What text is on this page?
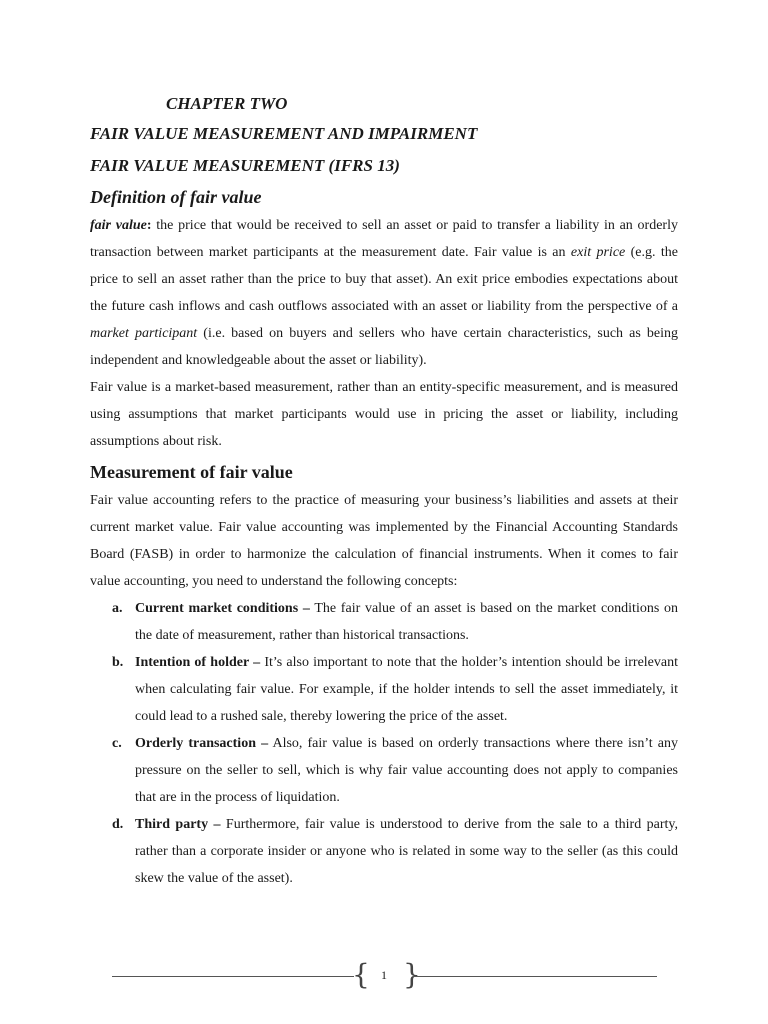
CHAPTER TWO
FAIR VALUE MEASUREMENT AND IMPAIRMENT
FAIR VALUE MEASUREMENT (IFRS 13)
Definition of fair value

fair value: the price that would be received to sell an asset or paid to transfer a liability in an orderly transaction between market participants at the measurement date. Fair value is an exit price (e.g. the price to sell an asset rather than the price to buy that asset). An exit price embodies expectations about the future cash inflows and cash outflows associated with an asset or liability from the perspective of a market participant (i.e. based on buyers and sellers who have certain characteristics, such as being independent and knowledgeable about the asset or liability).

Fair value is a market-based measurement, rather than an entity-specific measurement, and is measured using assumptions that market participants would use in pricing the asset or liability, including assumptions about risk.

Measurement of fair value

Fair value accounting refers to the practice of measuring your business’s liabilities and assets at their current market value. Fair value accounting was implemented by the Financial Accounting Standards Board (FASB) in order to harmonize the calculation of financial instruments. When it comes to fair value accounting, you need to understand the following concepts:

a. Current market conditions – The fair value of an asset is based on the market conditions on the date of measurement, rather than historical transactions.
b. Intention of holder – It’s also important to note that the holder’s intention should be irrelevant when calculating fair value. For example, if the holder intends to sell the asset immediately, it could lead to a rushed sale, thereby lowering the price of the asset.
c. Orderly transaction – Also, fair value is based on orderly transactions where there isn’t any pressure on the seller to sell, which is why fair value accounting does not apply to companies that are in the process of liquidation.
d. Third party – Furthermore, fair value is understood to derive from the sale to a third party, rather than a corporate insider or anyone who is related in some way to the seller (as this could skew the value of the asset).
{ 1 }
